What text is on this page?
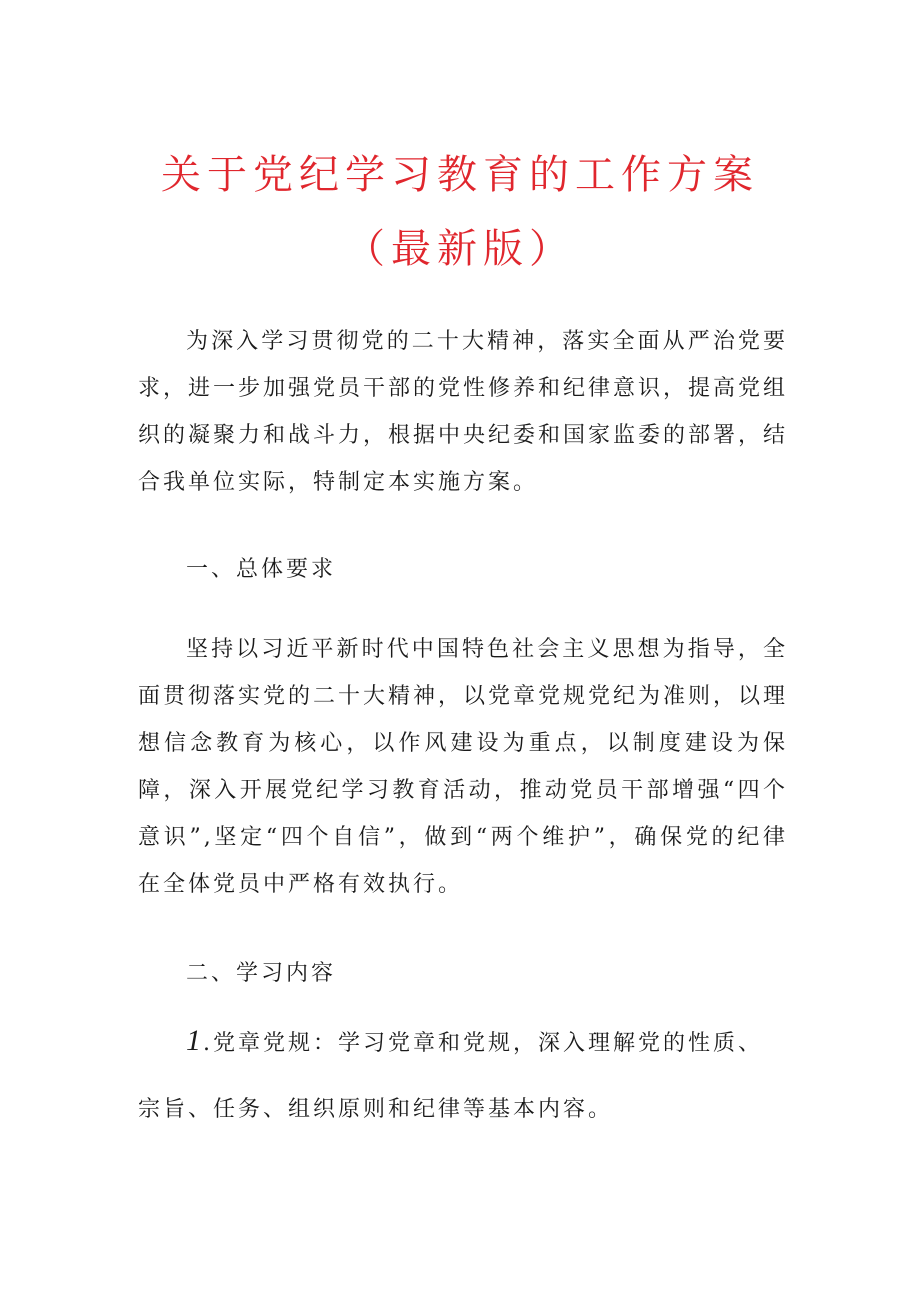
关于党纪学习教育的工作方案（最新版）

为深入学习贯彻党的二十大精神，落实全面从严治党要求，进一步加强党员干部的党性修养和纪律意识，提高党组织的凝聚力和战斗力，根据中央纪委和国家监委的部署，结合我单位实际，特制定本实施方案。

一、总体要求

坚持以习近平新时代中国特色社会主义思想为指导，全面贯彻落实党的二十大精神，以党章党规党纪为准则，以理想信念教育为核心，以作风建设为重点，以制度建设为保障，深入开展党纪学习教育活动，推动党员干部增强“四个意识”,坚定“四个自信”，做到“两个维护”，确保党的纪律在全体党员中严格有效执行。

二、学习内容

1.党章党规：学习党章和党规，深入理解党的性质、

宗旨、任务、组织原则和纪律等基本内容。
